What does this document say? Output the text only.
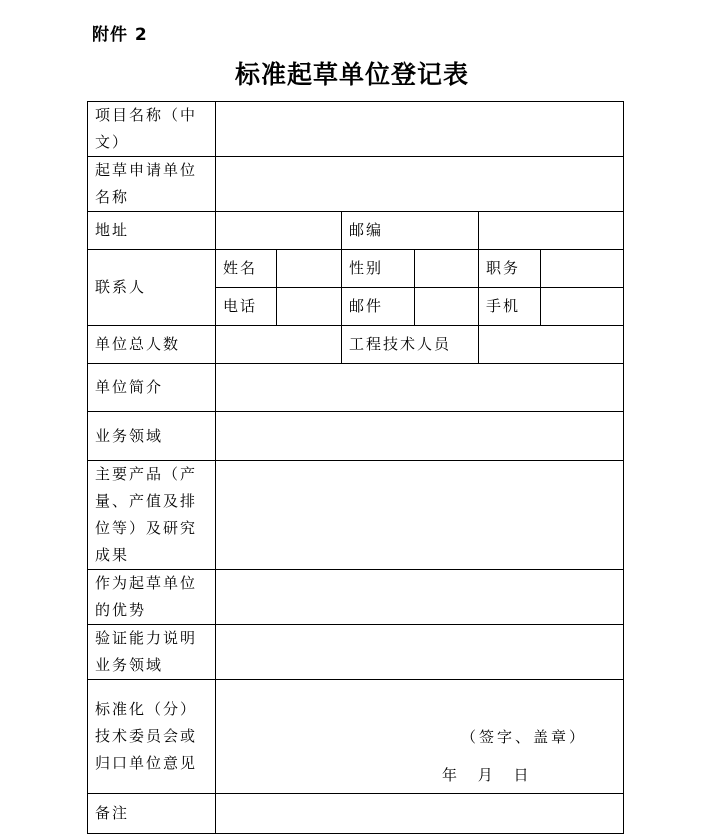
附件 2
标准起草单位登记表
项目名称（中文）						
起草申请单位名称						
地址			邮编			
联系人	姓名		性别		职务	
	电话		邮件		手机	
单位总人数			工程技术人员			
单位简介						
业务领域						
主要产品（产量、产值及排位等）及研究成果						
作为起草单位的优势						
验证能力说明业务领域						
标准化（分）技术委员会或归口单位意见	（签字、盖章）
年 月 日					

备注						
